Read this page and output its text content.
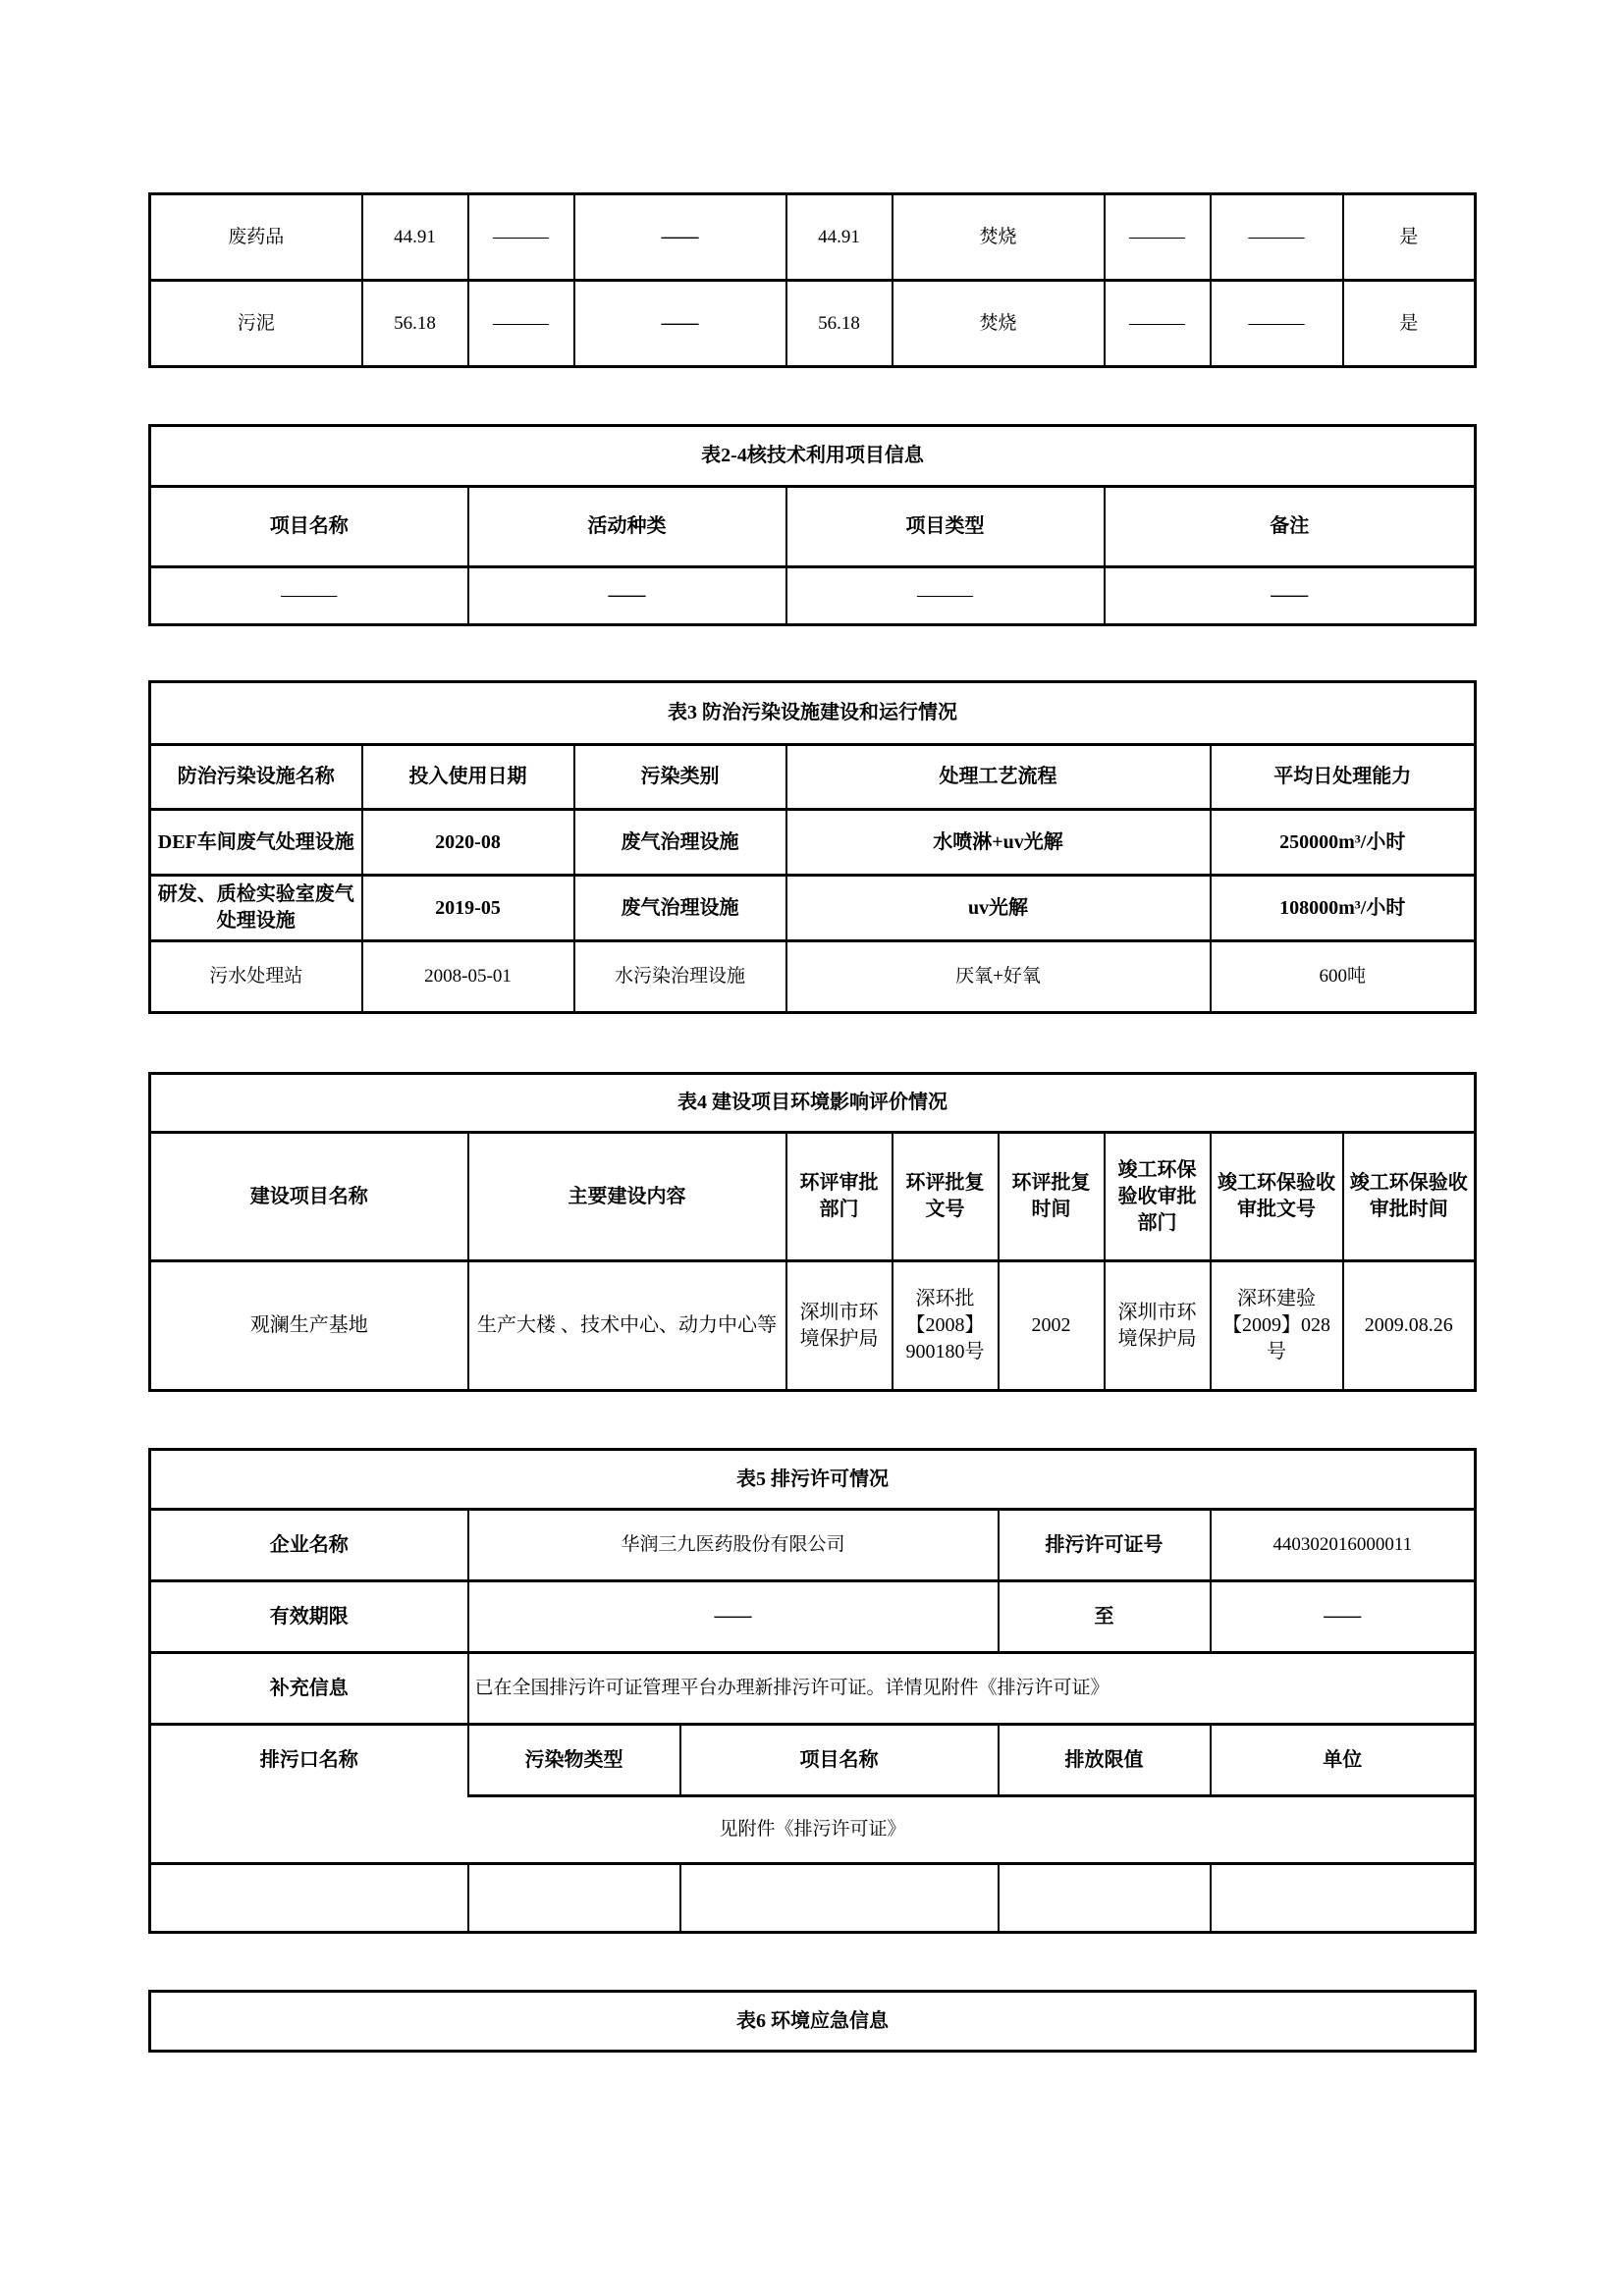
废药品	44.91	———	——	44.91	焚烧	———	———	是
污泥	56.18	———	——	56.18	焚烧	———	———	是
表2-4核技术利用项目信息			
项目名称	活动种类	项目类型	备注
———	——	———	——
表3 防治污染设施建设和运行情况				
防治污染设施名称	投入使用日期	污染类别	处理工艺流程	平均日处理能力
DEF车间废气处理设施	2020-08	废气治理设施	水喷淋+uv光解	250000m³/小时
研发、质检实验室废气处理设施	2019-05	废气治理设施	uv光解	108000m³/小时
污水处理站	2008-05-01	水污染治理设施	厌氧+好氧	600吨
表4 建设项目环境影响评价情况							
建设项目名称	主要建设内容	环评审批部门	环评批复文号	环评批复时间	竣工环保验收审批部门	竣工环保验收审批文号	竣工环保验收审批时间
观澜生产基地	生产大楼 、技术中心、动力中心等	深圳市环境保护局	深环批【2008】900180号	2002	深圳市环境保护局	深环建验【2009】028号	2009.08.26
表5 排污许可情况				
企业名称	华润三九医药股份有限公司		排污许可证号	440302016000011
有效期限	——		至	——
补充信息	已在全国排污许可证管理平台办理新排污许可证。详情见附件《排污许可证》			
排污口名称	污染物类型	项目名称	排放限值	单位
见附件《排污许可证》				

表6 环境应急信息
